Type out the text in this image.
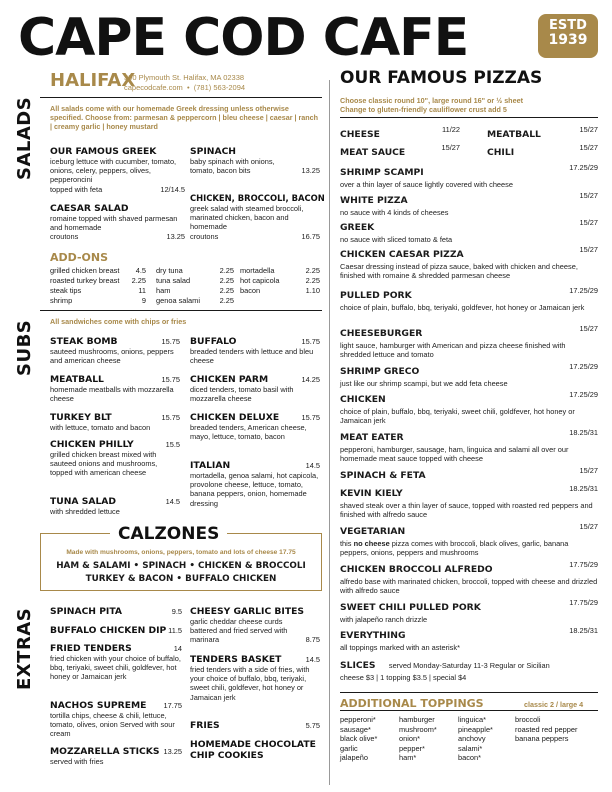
CAPE COD CAFE	ESTD
1939
HALIFAX
300 Plymouth St. Halifax, MA 02338
capecodcafe.com  •  (781) 563-2094
SALADS All salads come with our homemade Greek dressing unless otherwise specified. Choose from: parmesan & peppercorn | bleu cheese | caesar | ranch | creamy garlic | honey mustard
OUR FAMOUS GREEK
iceburg lettuce with cucumber, tomato, onions, celery, peppers, olives, pepperoncini
topped with feta	12/14.5
CAESAR SALAD
romaine topped with shaved parmesan and homemade
croutons	13.25
SPINACH
baby spinach with onions,
tomato, bacon bits	13.25
CHICKEN, BROCCOLI, BACON
greek salad with steamed broccoli, marinated chicken, bacon and homemade
croutons	16.75
ADD-ONS
grilled chicken breast 4.5
roasted turkey breast 2.25
steak tips	11
shrimp	9
dry tuna	2.25
tuna salad	2.25
ham	2.25
genoa salami	2.25
mortadella	2.25
hot capicola	2.25
bacon	1.10
SUBS All sandwiches come with chips or fries
STEAK BOMB	15.75
sauteed mushrooms, onions, peppers and american cheese
MEATBALL	15.75
homemade meatballs with mozzarella cheese
TURKEY BLT	15.75
with lettuce, tomato and bacon
CHICKEN PHILLY	15.5
grilled chicken breast mixed with sauteed onions and mushrooms, topped with american cheese
TUNA SALAD	14.5
with shredded lettuce
BUFFALO	15.75
breaded tenders with lettuce and bleu cheese
CHICKEN PARM	14.25
diced tenders, tomato basil with mozzarella cheese
CHICKEN DELUXE	15.75
breaded tenders, American cheese, mayo, lettuce, tomato, bacon
ITALIAN	14.5
mortadella, genoa salami, hot capicola, provolone cheese, lettuce, tomato, banana peppers, onion, homemade dressing
CALZONES
Made with mushrooms, onions, peppers, tomato and lots of cheese 17.75
HAM & SALAMI • SPINACH • CHICKEN & BROCCOLI
TURKEY & BACON • BUFFALO CHICKEN
EXTRAS SPINACH PITA	9.5
BUFFALO CHICKEN DIP 11.5
FRIED TENDERS	14
fried chicken with your choice of buffalo, bbq, teriyaki, sweet chili, goldfever, hot honey or Jamaican jerk
NACHOS SUPREME 17.75
tortilla chips, cheese & chili, lettuce, tomato, olives, onion Served with sour cream
MOZZARELLA STICKS 13.25
served with fries
CHEESY GARLIC BITES
garlic cheddar cheese curds battered and fried served with marinara	8.75
TENDERS BASKET	14.5
fried tenders with a side of fries, with your choice of buffalo, bbq, teriyaki, sweet chili, goldfever, hot honey or Jamaican jerk
FRIES	5.75
HOMEMADE CHOCOLATE
CHIP COOKIES
OUR FAMOUS PIZZAS
Choose classic round 10", large round 16" or ½ sheet
Change to gluten-friendly cauliflower crust add 5
CHEESE	11/22	MEATBALL	15/27
MEAT SAUCE	15/27	CHILI	15/27
SHRIMP SCAMPI	17.25/29
over a thin layer of sauce lightly covered with cheese
WHITE PIZZA	15/27
no sauce with 4 kinds of cheeses
GREEK	15/27
no sauce with sliced tomato & feta
CHICKEN CAESAR PIZZA	15/27
Caesar dressing instead of pizza sauce, baked with chicken and cheese, finished with romaine & shredded parmesan cheese
PULLED PORK	17.25/29
choice of plain, buffalo, bbq, teriyaki, goldfever, hot honey or Jamaican jerk
CHEESEBURGER	15/27
light sauce, hamburger with American and pizza cheese finished with shredded lettuce and tomato
SHRIMP GRECO	17.25/29
just like our shrimp scampi, but we add feta cheese
CHICKEN	17.25/29
choice of plain, buffalo, bbq, teriyaki, sweet chili, goldfever, hot honey or Jamaican jerk
MEAT EATER	18.25/31
pepperoni, hamburger, sausage, ham, linguica and salami all over our homemade meat sauce topped with cheese
SPINACH & FETA	15/27
KEVIN KIELY	18.25/31
shaved steak over a thin layer of sauce, topped with roasted red peppers and finished with alfredo sauce
VEGETARIAN	15/27
this no cheese pizza comes with broccoli, black olives, garlic, banana peppers, onions, peppers and mushrooms
CHICKEN BROCCOLI ALFREDO	17.75/29
alfredo base with marinated chicken, broccoli, topped with cheese and drizzled with alfredo sauce
SWEET CHILI PULLED PORK	17.75/29
with jalapeño ranch drizzle
EVERYTHING	18.25/31
all toppings marked with an asterisk*
SLICES served Monday-Saturday 11-3 Regular or Sicilian
cheese $3 | 1 topping $3.5 | special $4
ADDITIONAL TOPPINGS	classic 2 / large 4
pepperoni*
sausage*
black olive*
garlic
jalapeño
hamburger
mushroom*
onion*
pepper*
ham*
linguica*
pineapple*
anchovy
salami*
bacon*
broccoli
roasted red pepper
banana peppers
